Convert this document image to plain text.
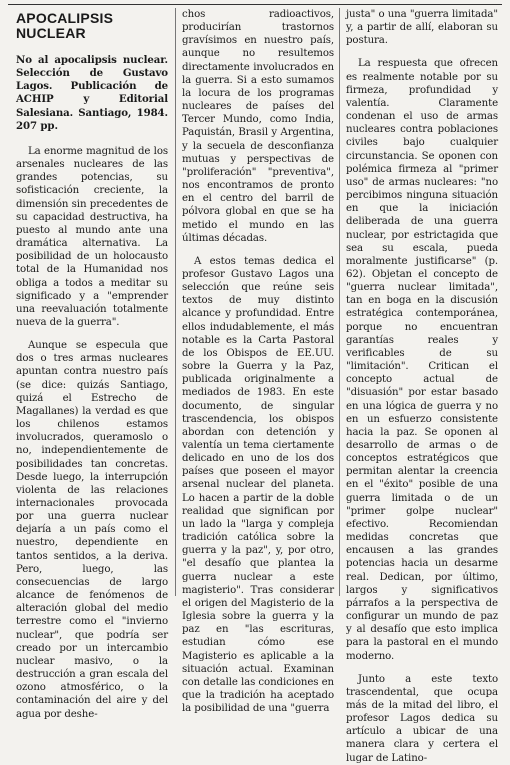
APOCALIPSIS NUCLEAR
No al apocalipsis nuclear. Selección de Gustavo Lagos. Publicación de ACHIP y Editorial Salesiana. Santiago, 1984. 207 pp.

La enorme magnitud de los arsenales nucleares de las grandes potencias, su sofisticación creciente, la dimensión sin precedentes de su capacidad destructiva, ha puesto al mundo ante una dramática alternativa. La posibilidad de un holocausto total de la Humanidad nos obliga a todos a meditar su significado y a "emprender una reevaluación totalmente nueva de la guerra".

Aunque se especula que dos o tres armas nucleares apuntan contra nuestro país (se dice: quizás Santiago, quizá el Estrecho de Magallanes) la verdad es que los chilenos estamos involucrados, queramoslo o no, independientemente de posibilidades tan concretas. Desde luego, la interrupción violenta de las relaciones internacionales provocada por una guerra nuclear dejaría a un país como el nuestro, dependiente en tantos sentidos, a la deriva. Pero, luego, las consecuencias de largo alcance de fenómenos de alteración global del medio terrestre como el "invierno nuclear", que podría ser creado por un intercambio nuclear masivo, o la destrucción a gran escala del ozono atmosférico, o la contaminación del aire y del agua por deshe-

chos radioactivos, producirían trastornos gravísimos en nuestro país, aunque no resultemos directamente involucrados en la guerra. Si a esto sumamos la locura de los programas nucleares de países del Tercer Mundo, como India, Paquistán, Brasil y Argentina, y la secuela de desconfianza mutuas y perspectivas de "proliferación" "preventiva", nos encontramos de pronto en el centro del barril de pólvora global en que se ha metido el mundo en las últimas décadas.

A estos temas dedica el profesor Gustavo Lagos una selección que reúne seis textos de muy distinto alcance y profundidad. Entre ellos indudablemente, el más notable es la Carta Pastoral de los Obispos de EE.UU. sobre la Guerra y la Paz, publicada originalmente a mediados de 1983. En este documento, de singular trascendencia, los obispos abordan con detención y valentía un tema ciertamente delicado en uno de los dos países que poseen el mayor arsenal nuclear del planeta. Lo hacen a partir de la doble realidad que significan por un lado la "larga y compleja tradición católica sobre la guerra y la paz", y, por otro, "el desafío que plantea la guerra nuclear a este magisterio". Tras considerar el origen del Magisterio de la Iglesia sobre la guerra y la paz en "las escrituras, estudian cómo ese Magisterio es aplicable a la situación actual. Examinan con detalle las condiciones en que la tradición ha aceptado la posibilidad de una "guerra

justa" o una "guerra limitada" y, a partir de allí, elaboran su postura.

La respuesta que ofrecen es realmente notable por su firmeza, profundidad y valentía. Claramente condenan el uso de armas nucleares contra poblaciones civiles bajo cualquier circunstancia. Se oponen con polémica firmeza al "primer uso" de armas nucleares: "no percibimos ninguna situación en que la iniciación deliberada de una guerra nuclear, por estrictagida que sea su escala, pueda moralmente justificarse" (p. 62). Objetan el concepto de "guerra nuclear limitada", tan en boga en la discusión estratégica contemporánea, porque no encuentran garantías reales y verificables de su "limitación". Critican el concepto actual de "disuasión" por estar basado en una lógica de guerra y no en un esfuerzo consistente hacia la paz. Se oponen al desarrollo de armas o de conceptos estratégicos que permitan alentar la creencia en el "éxito" posible de una guerra limitada o de un "primer golpe nuclear" efectivo. Recomiendan medidas concretas que encausen a las grandes potencias hacia un desarme real. Dedican, por último, largos y significativos párrafos a la perspectiva de configurar un mundo de paz y al desafío que esto implica para la pastoral en el mundo moderno.

Junto a este texto trascendental, que ocupa más de la mitad del libro, el profesor Lagos dedica su artículo a ubicar de una manera clara y certera el lugar de Latino-
